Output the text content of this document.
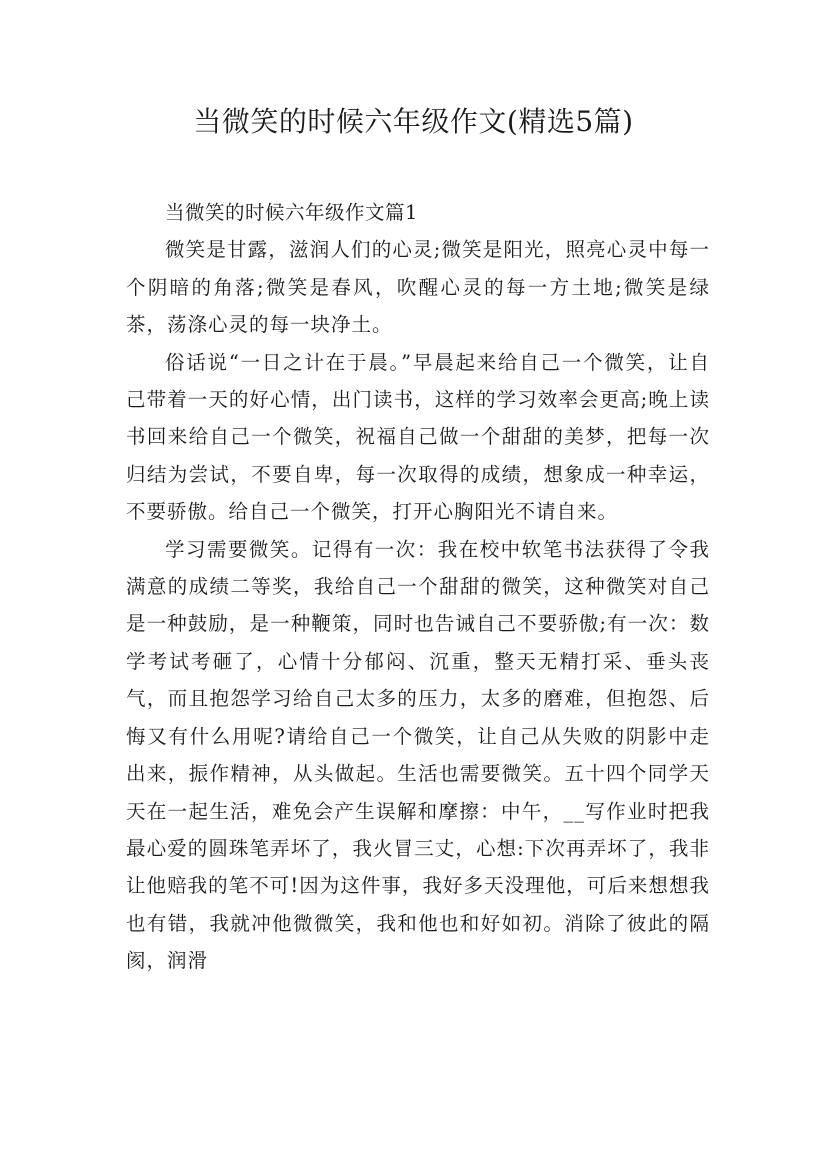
当微笑的时候六年级作文(精选5篇)

当微笑的时候六年级作文篇1

微笑是甘露，滋润人们的心灵;微笑是阳光，照亮心灵中每一个阴暗的角落;微笑是春风，吹醒心灵的每一方土地;微笑是绿茶，荡涤心灵的每一块净土。

俗话说“一日之计在于晨。”早晨起来给自己一个微笑，让自己带着一天的好心情，出门读书，这样的学习效率会更高;晚上读书回来给自己一个微笑，祝福自己做一个甜甜的美梦，把每一次归结为尝试，不要自卑，每一次取得的成绩，想象成一种幸运，不要骄傲。给自己一个微笑，打开心胸阳光不请自来。

学习需要微笑。记得有一次：我在校中软笔书法获得了令我满意的成绩二等奖，我给自己一个甜甜的微笑，这种微笑对自己是一种鼓励，是一种鞭策，同时也告诫自己不要骄傲;有一次：数学考试考砸了，心情十分郁闷、沉重，整天无精打采、垂头丧气，而且抱怨学习给自己太多的压力，太多的磨难，但抱怨、后悔又有什么用呢?请给自己一个微笑，让自己从失败的阴影中走出来，振作精神，从头做起。生活也需要微笑。五十四个同学天天在一起生活，难免会产生误解和摩擦：中午，__写作业时把我最心爱的圆珠笔弄坏了，我火冒三丈，心想:下次再弄坏了，我非让他赔我的笔不可!因为这件事，我好多天没理他，可后来想想我也有错，我就冲他微微笑，我和他也和好如初。消除了彼此的隔阂，润滑
